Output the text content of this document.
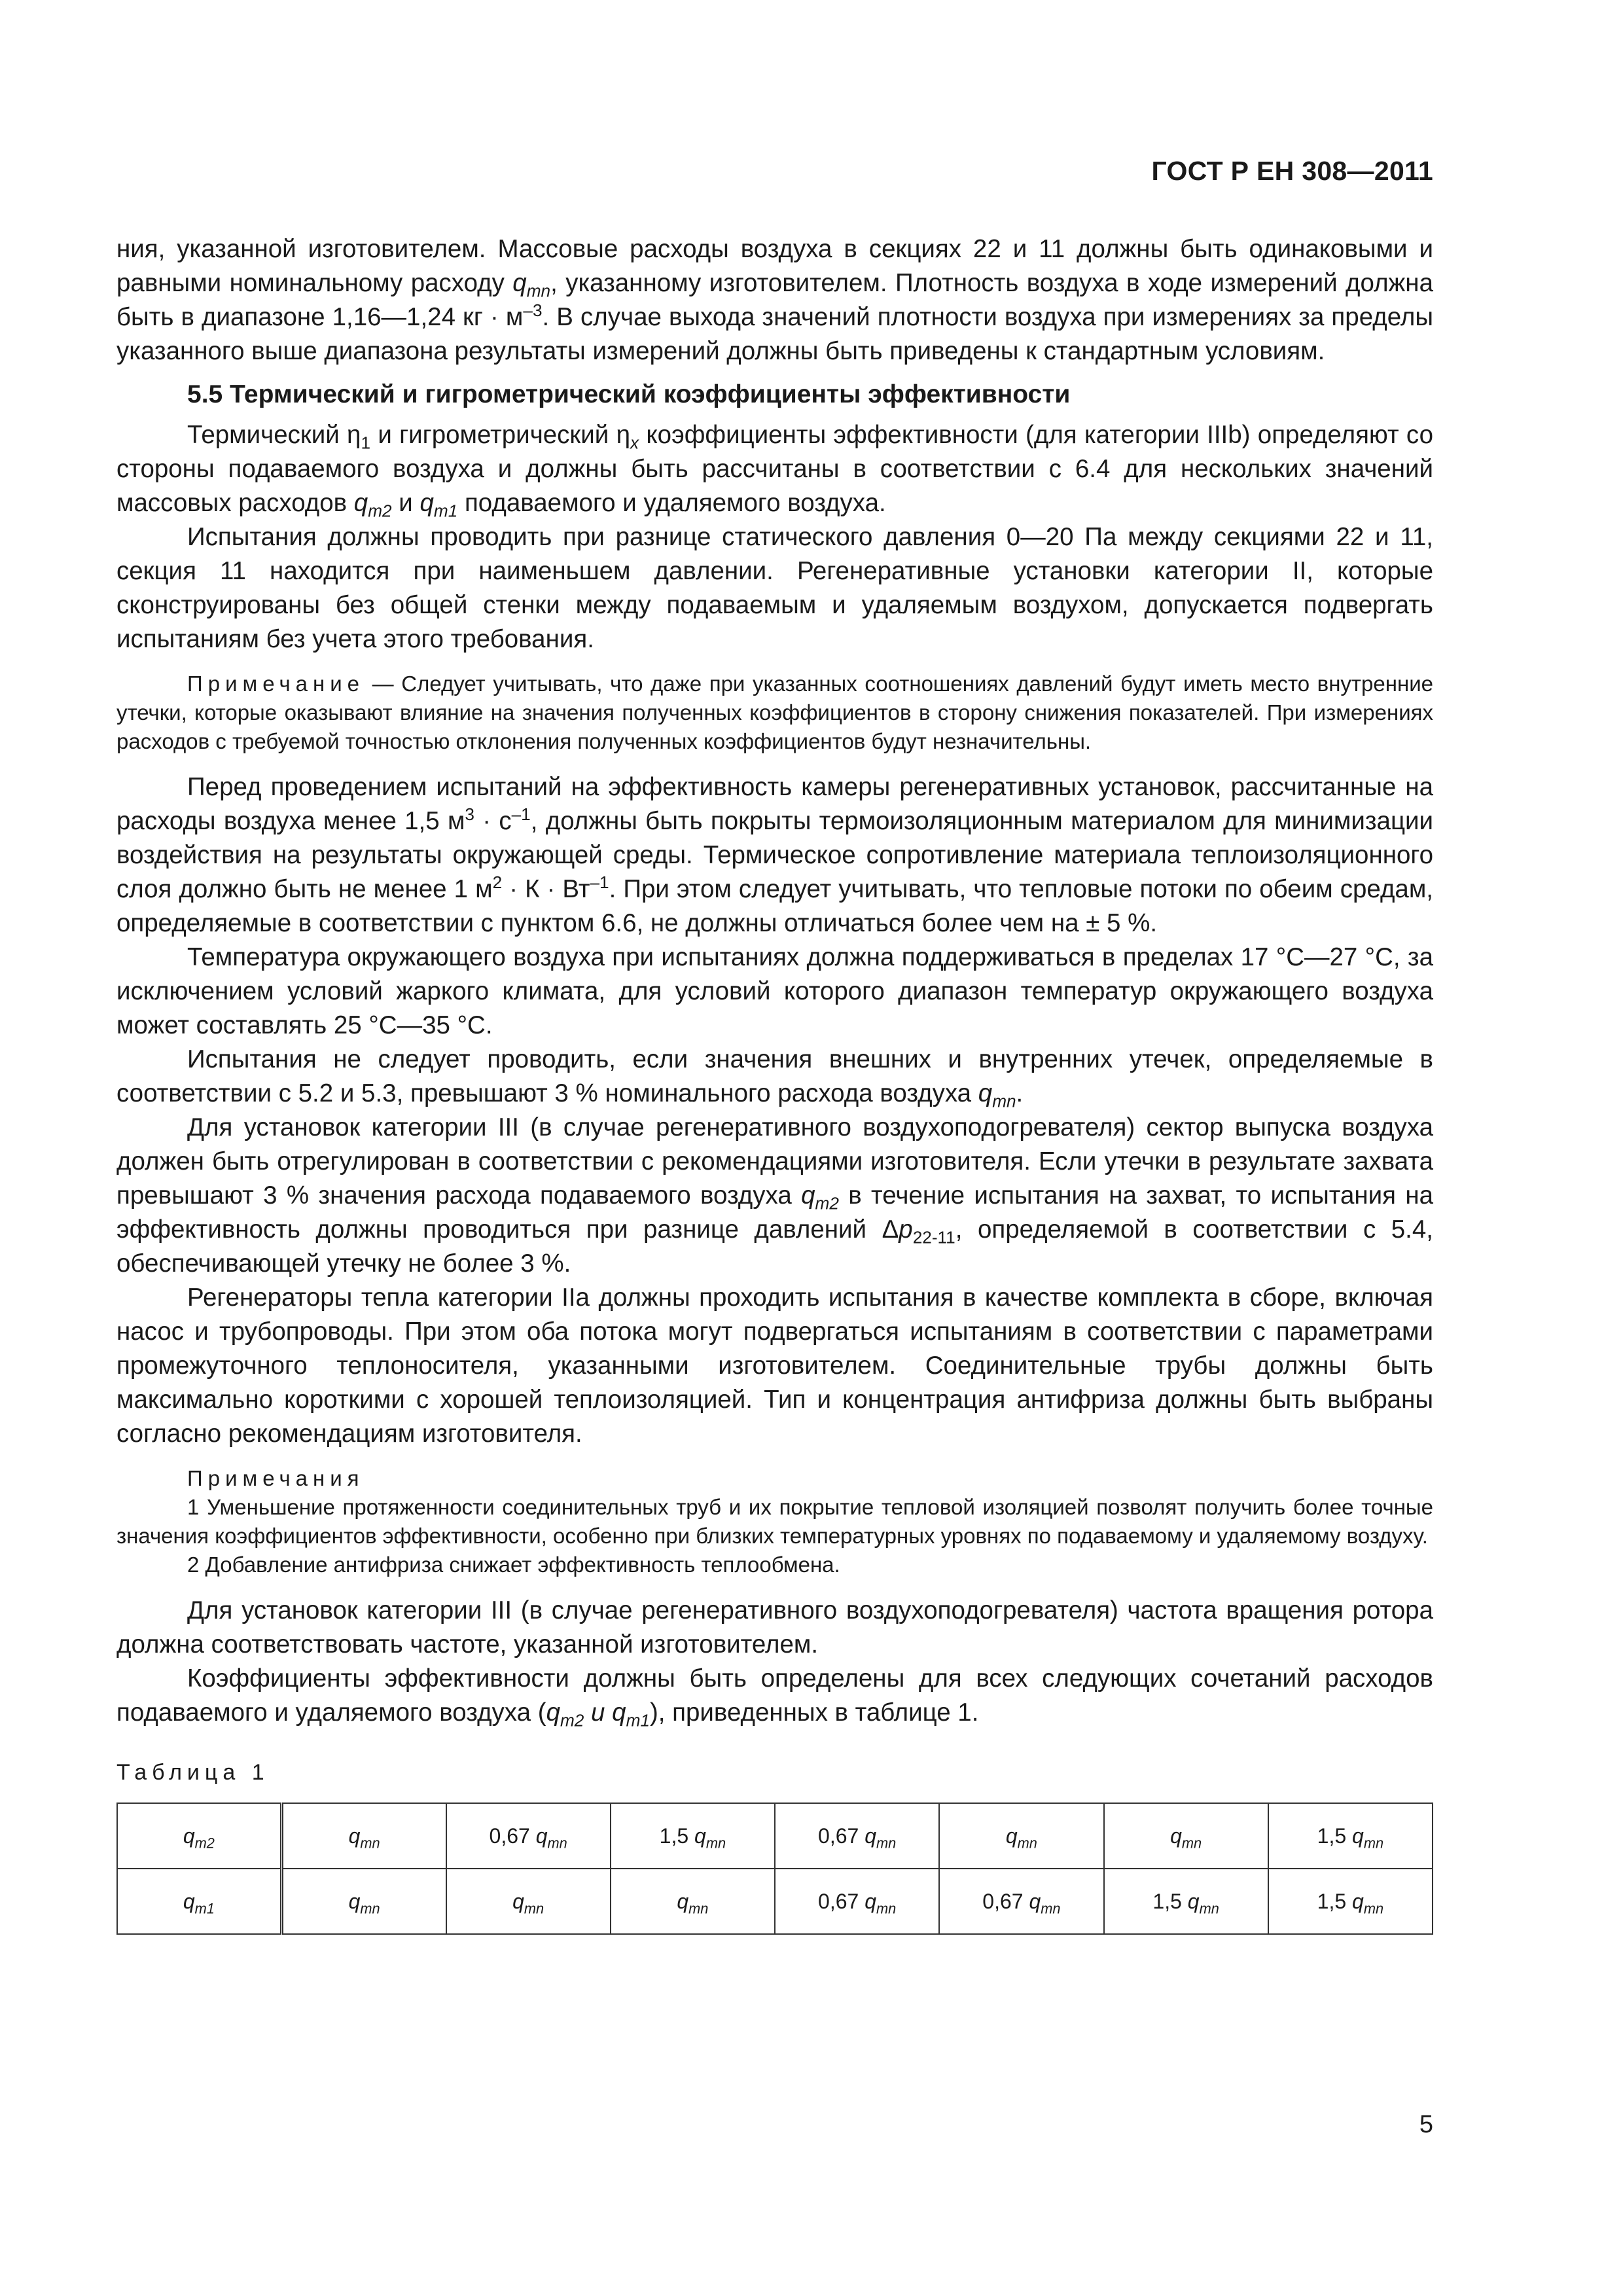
ГОСТ Р ЕН 308—2011

ния, указанной изготовителем. Массовые расходы воздуха в секциях 22 и 11 должны быть одинаковыми и равными номинальному расходу $q_{mn}$, указанному изготовителем. Плотность воздуха в ходе измерений должна быть в диапазоне 1,16—1,24 кг · $м^{-3}$. В случае выхода значений плотности воздуха при измерениях за пределы указанного выше диапазона результаты измерений должны быть приведены к стандартным условиям.

5.5 Термический и гигрометрический коэффициенты эффективности

Термический $\eta_1$ и гигрометрический $\eta_x$ коэффициенты эффективности (для категории IIIb) определяют со стороны подаваемого воздуха и должны быть рассчитаны в соответствии с 6.4 для нескольких значений массовых расходов $q_{m2}$ и $q_{m1}$ подаваемого и удаляемого воздуха.

Испытания должны проводить при разнице статического давления 0—20 Па между секциями 22 и 11, секция 11 находится при наименьшем давлении. Регенеративные установки категории II, которые сконструированы без общей стенки между подаваемым и удаляемым воздухом, допускается подвергать испытаниям без учета этого требования.

Примечание — Следует учитывать, что даже при указанных соотношениях давлений будут иметь место внутренние утечки, которые оказывают влияние на значения полученных коэффициентов в сторону снижения показателей. При измерениях расходов с требуемой точностью отклонения полученных коэффициентов будут незначительны.

Перед проведением испытаний на эффективность камеры регенеративных установок, рассчитанные на расходы воздуха менее 1,5 $м^3 \cdot с^{-1}$, должны быть покрыты термоизоляционным материалом для минимизации воздействия на результаты окружающей среды. Термическое сопротивление материала теплоизоляционного слоя должно быть не менее 1 $м^2 \cdot К \cdot Вт^{-1}$. При этом следует учитывать, что тепловые потоки по обеим средам, определяемые в соответствии с пунктом 6.6, не должны отличаться более чем на ± 5 %.

Температура окружающего воздуха при испытаниях должна поддерживаться в пределах 17 °С—27 °С, за исключением условий жаркого климата, для условий которого диапазон температур окружающего воздуха может составлять 25 °С—35 °С.

Испытания не следует проводить, если значения внешних и внутренних утечек, определяемые в соответствии с 5.2 и 5.3, превышают 3 % номинального расхода воздуха $q_{mn}$.

Для установок категории III (в случае регенеративного воздухоподогревателя) сектор выпуска воздуха должен быть отрегулирован в соответствии с рекомендациями изготовителя. Если утечки в результате захвата превышают 3 % значения расхода подаваемого воздуха $q_{m2}$ в течение испытания на захват, то испытания на эффективность должны проводиться при разнице давлений $\Delta p_{22-11}$, определяемой в соответствии с 5.4, обеспечивающей утечку не более 3 %.

Регенераторы тепла категории IIa должны проходить испытания в качестве комплекта в сборе, включая насос и трубопроводы. При этом оба потока могут подвергаться испытаниям в соответствии с параметрами промежуточного теплоносителя, указанными изготовителем. Соединительные трубы должны быть максимально короткими с хорошей теплоизоляцией. Тип и концентрация антифриза должны быть выбраны согласно рекомендациям изготовителя.

Примечания

1 Уменьшение протяженности соединительных труб и их покрытие тепловой изоляцией позволят получить более точные значения коэффициентов эффективности, особенно при близких температурных уровнях по подаваемому и удаляемому воздуху.

2 Добавление антифриза снижает эффективность теплообмена.

Для установок категории III (в случае регенеративного воздухоподогревателя) частота вращения ротора должна соответствовать частоте, указанной изготовителем.

Коэффициенты эффективности должны быть определены для всех следующих сочетаний расходов подаваемого и удаляемого воздуха ($q_{m2}$ и $q_{m1}$), приведенных в таблице 1.

Таблица 1
$q_{m2}$	$q_{mn}$	0,67 $q_{mn}$	1,5 $q_{mn}$	0,67 $q_{mn}$	$q_{mn}$	$q_{mn}$	1,5 $q_{mn}$
$q_{m1}$	$q_{mn}$	$q_{mn}$	$q_{mn}$	0,67 $q_{mn}$	0,67 $q_{mn}$	1,5 $q_{mn}$	1,5 $q_{mn}$
5
